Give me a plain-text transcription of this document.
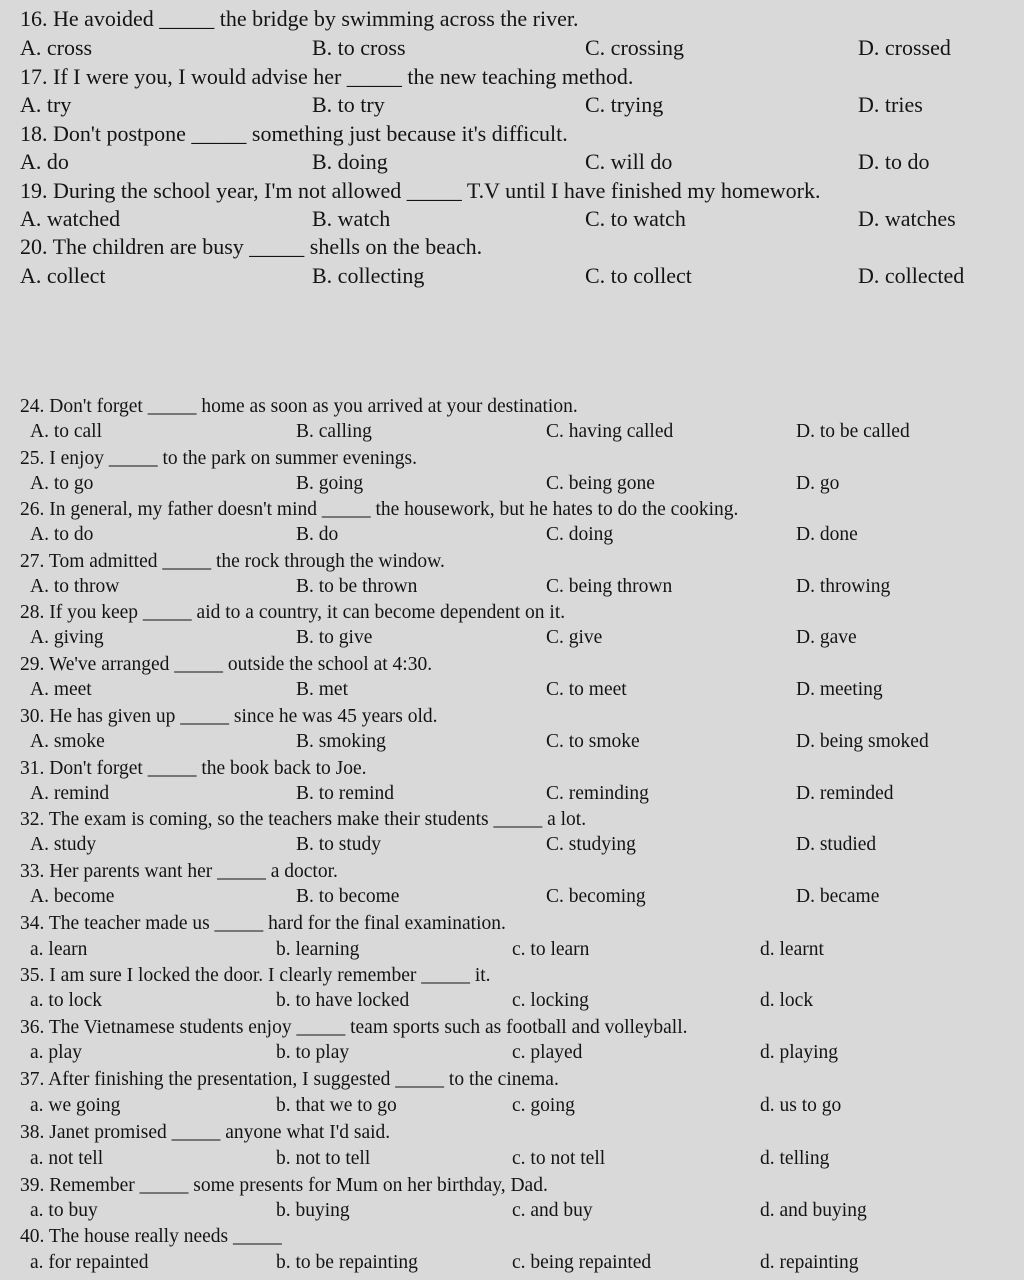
16. He avoided _____ the bridge by swimming across the river.
A. cross	B. to cross	C. crossing	D. crossed
17. If I were you, I would advise her _____ the new teaching method.
A. try	B. to try	C. trying	D. tries
18. Don't postpone _____ something just because it's difficult.
A. do	B. doing	C. will do	D. to do
19. During the school year, I'm not allowed _____ T.V until I have finished my homework.
A. watched	B. watch	C. to watch	D. watches
20. The children are busy _____ shells on the beach.
A. collect	B. collecting	C. to collect	D. collected
24. Don't forget _____ home as soon as you arrived at your destination.
A. to call	B. calling	C. having called	D. to be called
25. I enjoy _____ to the park on summer evenings.
A. to go	B. going	C. being gone	D. go
26. In general, my father doesn't mind _____ the housework, but he hates to do the cooking.
A. to do	B. do	C. doing	D. done
27. Tom admitted _____ the rock through the window.
A. to throw	B. to be thrown	C. being thrown	D. throwing
28. If you keep _____ aid to a country, it can become dependent on it.
A. giving	B. to give	C. give	D. gave
29. We've arranged _____ outside the school at 4:30.
A. meet	B. met	C. to meet	D. meeting
30. He has given up _____ since he was 45 years old.
A. smoke	B. smoking	C. to smoke	D. being smoked
31. Don't forget _____ the book back to Joe.
A. remind	B. to remind	C. reminding	D. reminded
32. The exam is coming, so the teachers make their students _____ a lot.
A. study	B. to study	C. studying	D. studied
33. Her parents want her _____ a doctor.
A. become	B. to become	C. becoming	D. became
34. The teacher made us _____ hard for the final examination.
a. learn	b. learning	c. to learn	d. learnt
35. I am sure I locked the door. I clearly remember _____ it.
a. to lock	b. to have locked	c. locking	d. lock
36. The Vietnamese students enjoy _____ team sports such as football and volleyball.
a. play	b. to play	c. played	d. playing
37. After finishing the presentation, I suggested _____ to the cinema.
a. we going	b. that we to go	c. going	d. us to go
38. Janet promised _____ anyone what I'd said.
a. not tell	b. not to tell	c. to not tell	d. telling
39. Remember _____ some presents for Mum on her birthday, Dad.
a. to buy	b. buying	c. and buy	d. and buying
40. The house really needs _____
a. for repainted	b. to be repainting	c. being repainted	d. repainting
